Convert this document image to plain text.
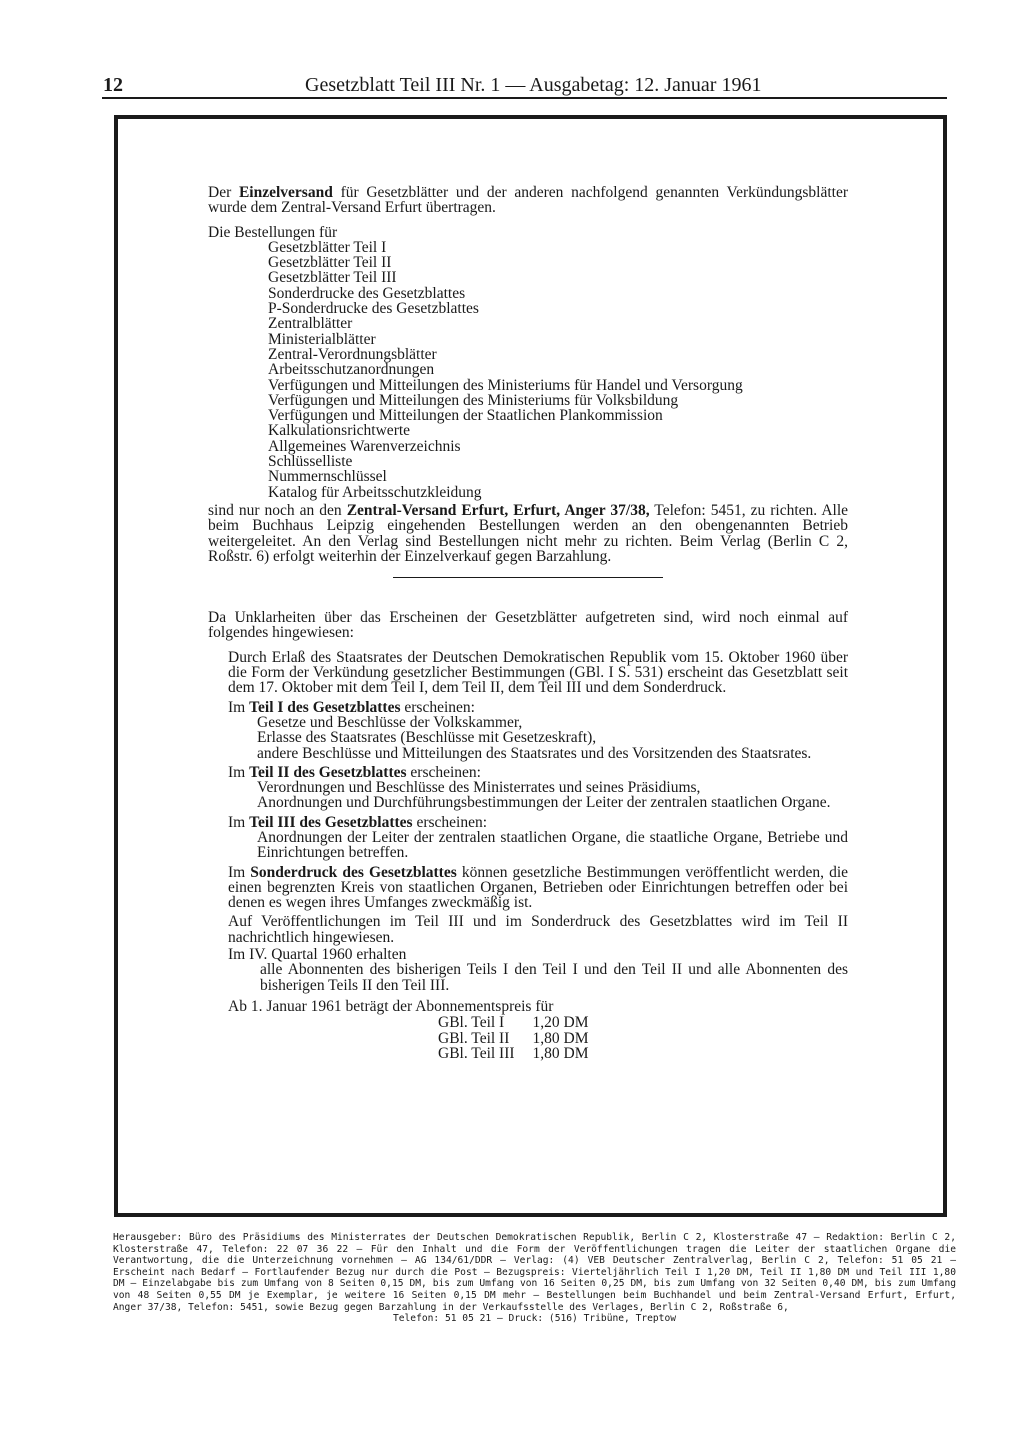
12	Gesetzblatt Teil III Nr. 1 — Ausgabetag: 12. Januar 1961

Der Einzelversand für Gesetzblätter und der anderen nachfolgend genannten Verkündungsblätter wurde dem Zentral-Versand Erfurt übertragen.

Die Bestellungen für

Gesetzblätter Teil I
Gesetzblätter Teil II
Gesetzblätter Teil III
Sonderdrucke des Gesetzblattes
P-Sonderdrucke des Gesetzblattes
Zentralblätter
Ministerialblätter
Zentral-Verordnungsblätter
Arbeitsschutzanordnungen
Verfügungen und Mitteilungen des Ministeriums für Handel und Versorgung
Verfügungen und Mitteilungen des Ministeriums für Volksbildung
Verfügungen und Mitteilungen der Staatlichen Plankommission
Kalkulationsrichtwerte
Allgemeines Warenverzeichnis
Schlüsselliste
Nummernschlüssel
Katalog für Arbeitsschutzkleidung

sind nur noch an den Zentral-Versand Erfurt, Erfurt, Anger 37/38, Telefon: 5451, zu richten. Alle beim Buchhaus Leipzig eingehenden Bestellungen werden an den obengenannten Betrieb weitergeleitet. An den Verlag sind Bestellungen nicht mehr zu richten. Beim Verlag (Berlin C 2, Roßstr. 6) erfolgt weiterhin der Einzelverkauf gegen Barzahlung.

Da Unklarheiten über das Erscheinen der Gesetzblätter aufgetreten sind, wird noch einmal auf folgendes hingewiesen:

Durch Erlaß des Staatsrates der Deutschen Demokratischen Republik vom 15. Oktober 1960 über die Form der Verkündung gesetzlicher Bestimmungen (GBl. I S. 531) erscheint das Gesetzblatt seit dem 17. Oktober mit dem Teil I, dem Teil II, dem Teil III und dem Sonderdruck.

Im Teil I des Gesetzblattes erscheinen:

Gesetze und Beschlüsse der Volkskammer,
Erlasse des Staatsrates (Beschlüsse mit Gesetzeskraft),
andere Beschlüsse und Mitteilungen des Staatsrates und des Vorsitzenden des Staatsrates.

Im Teil II des Gesetzblattes erscheinen:

Verordnungen und Beschlüsse des Ministerrates und seines Präsidiums,
Anordnungen und Durchführungsbestimmungen der Leiter der zentralen staatlichen Organe.

Im Teil III des Gesetzblattes erscheinen:

Anordnungen der Leiter der zentralen staatlichen Organe, die staatliche Organe, Betriebe und Einrichtungen betreffen.

Im Sonderdruck des Gesetzblattes können gesetzliche Bestimmungen veröffentlicht werden, die einen begrenzten Kreis von staatlichen Organen, Betrieben oder Einrichtungen betreffen oder bei denen es wegen ihres Umfanges zweckmäßig ist.

Auf Veröffentlichungen im Teil III und im Sonderdruck des Gesetzblattes wird im Teil II nachrichtlich hingewiesen.

Im IV. Quartal 1960 erhalten

alle Abonnenten des bisherigen Teils I den Teil I und den Teil II und alle Abonnenten des bisherigen Teils II den Teil III.

Ab 1. Januar 1961 beträgt der Abonnementspreis für

GBl. Teil I	1,20 DM
GBl. Teil II	1,80 DM
GBl. Teil III	1,80 DM

Herausgeber: Büro des Präsidiums des Ministerrates der Deutschen Demokratischen Republik, Berlin C 2, Klosterstraße 47 — Redaktion: Berlin C 2, Klosterstraße 47, Telefon: 22 07 36 22 — Für den Inhalt und die Form der Veröffentlichungen tragen die Leiter der staatlichen Organe die Verantwortung, die die Unterzeichnung vornehmen — AG 134/61/DDR — Verlag: (4) VEB Deutscher Zentralverlag, Berlin C 2, Telefon: 51 05 21 — Erscheint nach Bedarf — Fortlaufender Bezug nur durch die Post — Bezugspreis: Vierteljährlich Teil I 1,20 DM, Teil II 1,80 DM und Teil III 1,80 DM — Einzelabgabe bis zum Umfang von 8 Seiten 0,15 DM, bis zum Umfang von 16 Seiten 0,25 DM, bis zum Umfang von 32 Seiten 0,40 DM, bis zum Umfang von 48 Seiten 0,55 DM je Exemplar, je weitere 16 Seiten 0,15 DM mehr — Bestellungen beim Buchhandel und beim Zentral-Versand Erfurt, Erfurt, Anger 37/38, Telefon: 5451, sowie Bezug gegen Barzahlung in der Verkaufsstelle des Verlages, Berlin C 2, Roßstraße 6,

Telefon: 51 05 21 — Druck: (516) Tribüne, Treptow
